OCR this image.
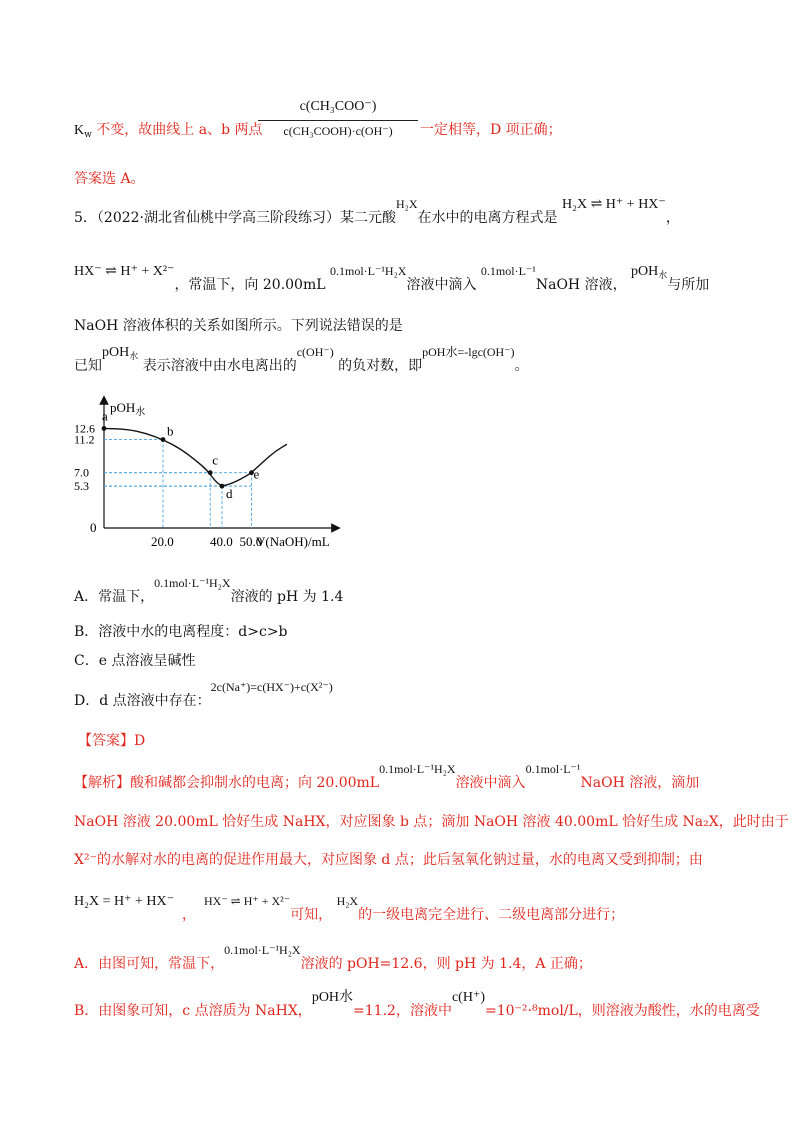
c(CH₃COO⁻)
c(CH₃COOH)·c(OH⁻)
$K_w$ 不变，故曲线上 a、b 两点	一定相等，D 项正确；
答案选 A。
5．（2022·湖北省仙桃中学高三阶段练习）某二元酸H₂X在水中的电离方程式是 H₂X ⇌ H⁺ + HX⁻，
HX⁻ ⇌ H⁺ + X²⁻，常温下，向 20.00mL 0.1mol·L⁻¹H₂X溶液中滴入 0.1mol·L⁻¹NaOH 溶液， pOH$_水$与所加
NaOH 溶液体积的关系如图所示。下列说法错误的是
已知pOH$_水$ 表示溶液中由水电离出的c(OH⁻) 的负对数，即pOH水=-lgc(OH⁻)。
pOH$_水$
V(NaOH)/mL
0
12.6
11.2
7.0
5.3
20.0	40.0 50.0
a
b
c
d
e
A．常温下，0.1mol·L⁻¹H₂X溶液的 pH 为 1.4
B．溶液中水的电离程度：d>c>b
C．e 点溶液呈碱性
D．d 点溶液中存在：2c(Na⁺)=c(HX⁻)+c(X²⁻)
【答案】D
【解析】酸和碱都会抑制水的电离；向 20.00mL0.1mol·L⁻¹H₂X溶液中滴入0.1mol·L⁻¹NaOH 溶液，滴加
NaOH 溶液 20.00mL 恰好生成 NaHX，对应图象 b 点；滴加 NaOH 溶液 40.00mL 恰好生成 Na₂X，此时由于
X²⁻的水解对水的电离的促进作用最大，对应图象 d 点；此后氢氧化钠过量，水的电离又受到抑制；由
H₂X = H⁺ + HX⁻，HX⁻ ⇌ H⁺ + X²⁻可知， H₂X的一级电离完全进行、二级电离部分进行；
A．由图可知，常温下，0.1mol·L⁻¹H₂X溶液的 pOH=12.6，则 pH 为 1.4，A 正确；
B．由图象可知，c 点溶质为 NaHX，pOH水=11.2，溶液中c(H⁺)=10⁻²·⁸mol/L，则溶液为酸性，水的电离受
